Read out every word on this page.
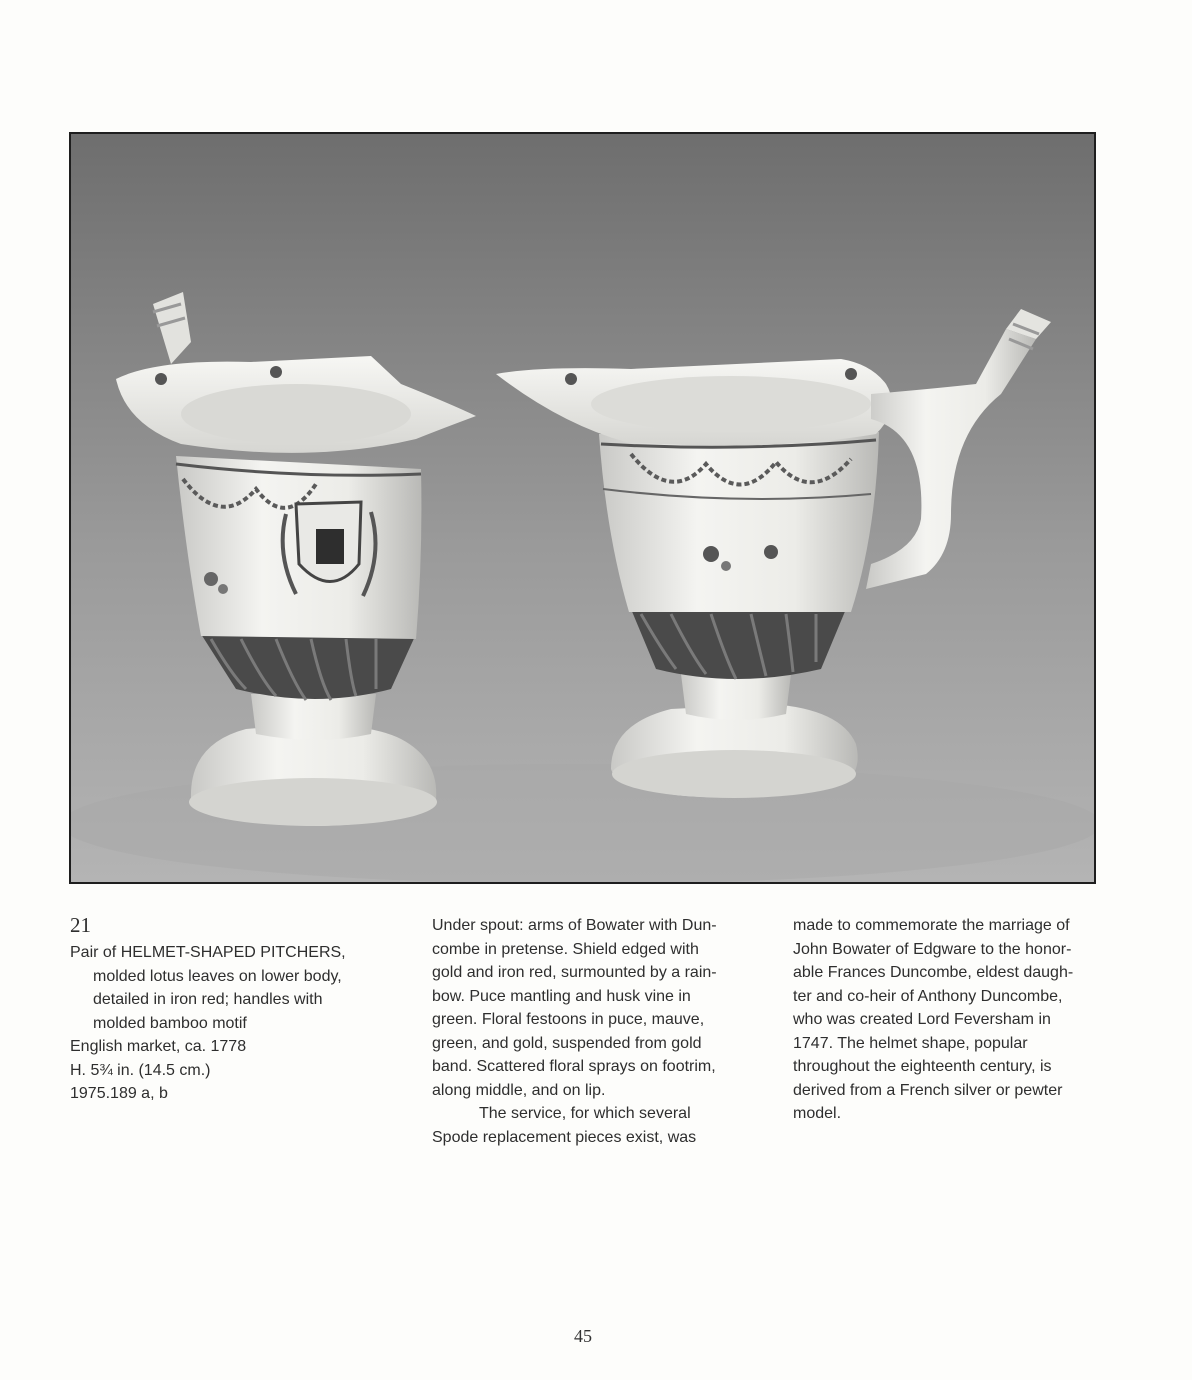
21
Pair of HELMET-SHAPED PITCHERS,
molded lotus leaves on lower body,
detailed in iron red; handles with
molded bamboo motif
English market, ca. 1778
H. 5¾ in. (14.5 cm.)
1975.189 a, b
Under spout: arms of Bowater with Dun-
combe in pretense. Shield edged with
gold and iron red, surmounted by a rain-
bow. Puce mantling and husk vine in
green. Floral festoons in puce, mauve,
green, and gold, suspended from gold
band. Scattered floral sprays on footrim,
along middle, and on lip.
The service, for which several
Spode replacement pieces exist, was
made to commemorate the marriage of
John Bowater of Edgware to the honor-
able Frances Duncombe, eldest daugh-
ter and co-heir of Anthony Duncombe,
who was created Lord Feversham in
1747. The helmet shape, popular
throughout the eighteenth century, is
derived from a French silver or pewter
model.
45
